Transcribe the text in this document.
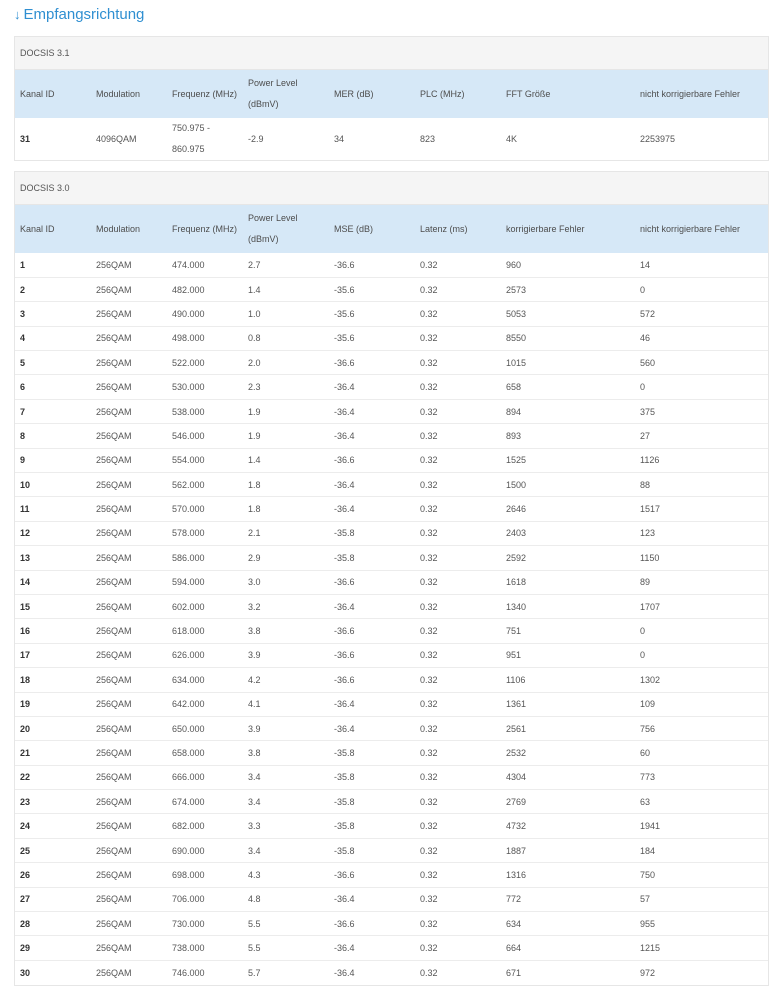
↓ Empfangsrichtung
DOCSIS 3.1
Kanal ID	Modulation	Frequenz (MHz)	Power Level (dBmV)	MER (dB)	PLC (MHz)	FFT Größe	nicht korrigierbare Fehler
31	4096QAM	750.975 - 860.975	-2.9	34	823	4K	2253975
DOCSIS 3.0
Kanal ID	Modulation	Frequenz (MHz)	Power Level (dBmV)	MSE (dB)	Latenz (ms)	korrigierbare Fehler	nicht korrigierbare Fehler
1	256QAM	474.000	2.7	-36.6	0.32	960	14
2	256QAM	482.000	1.4	-35.6	0.32	2573	0
3	256QAM	490.000	1.0	-35.6	0.32	5053	572
4	256QAM	498.000	0.8	-35.6	0.32	8550	46
5	256QAM	522.000	2.0	-36.6	0.32	1015	560
6	256QAM	530.000	2.3	-36.4	0.32	658	0
7	256QAM	538.000	1.9	-36.4	0.32	894	375
8	256QAM	546.000	1.9	-36.4	0.32	893	27
9	256QAM	554.000	1.4	-36.6	0.32	1525	1126
10	256QAM	562.000	1.8	-36.4	0.32	1500	88
11	256QAM	570.000	1.8	-36.4	0.32	2646	1517
12	256QAM	578.000	2.1	-35.8	0.32	2403	123
13	256QAM	586.000	2.9	-35.8	0.32	2592	1150
14	256QAM	594.000	3.0	-36.6	0.32	1618	89
15	256QAM	602.000	3.2	-36.4	0.32	1340	1707
16	256QAM	618.000	3.8	-36.6	0.32	751	0
17	256QAM	626.000	3.9	-36.6	0.32	951	0
18	256QAM	634.000	4.2	-36.6	0.32	1106	1302
19	256QAM	642.000	4.1	-36.4	0.32	1361	109
20	256QAM	650.000	3.9	-36.4	0.32	2561	756
21	256QAM	658.000	3.8	-35.8	0.32	2532	60
22	256QAM	666.000	3.4	-35.8	0.32	4304	773
23	256QAM	674.000	3.4	-35.8	0.32	2769	63
24	256QAM	682.000	3.3	-35.8	0.32	4732	1941
25	256QAM	690.000	3.4	-35.8	0.32	1887	184
26	256QAM	698.000	4.3	-36.6	0.32	1316	750
27	256QAM	706.000	4.8	-36.4	0.32	772	57
28	256QAM	730.000	5.5	-36.6	0.32	634	955
29	256QAM	738.000	5.5	-36.4	0.32	664	1215
30	256QAM	746.000	5.7	-36.4	0.32	671	972
